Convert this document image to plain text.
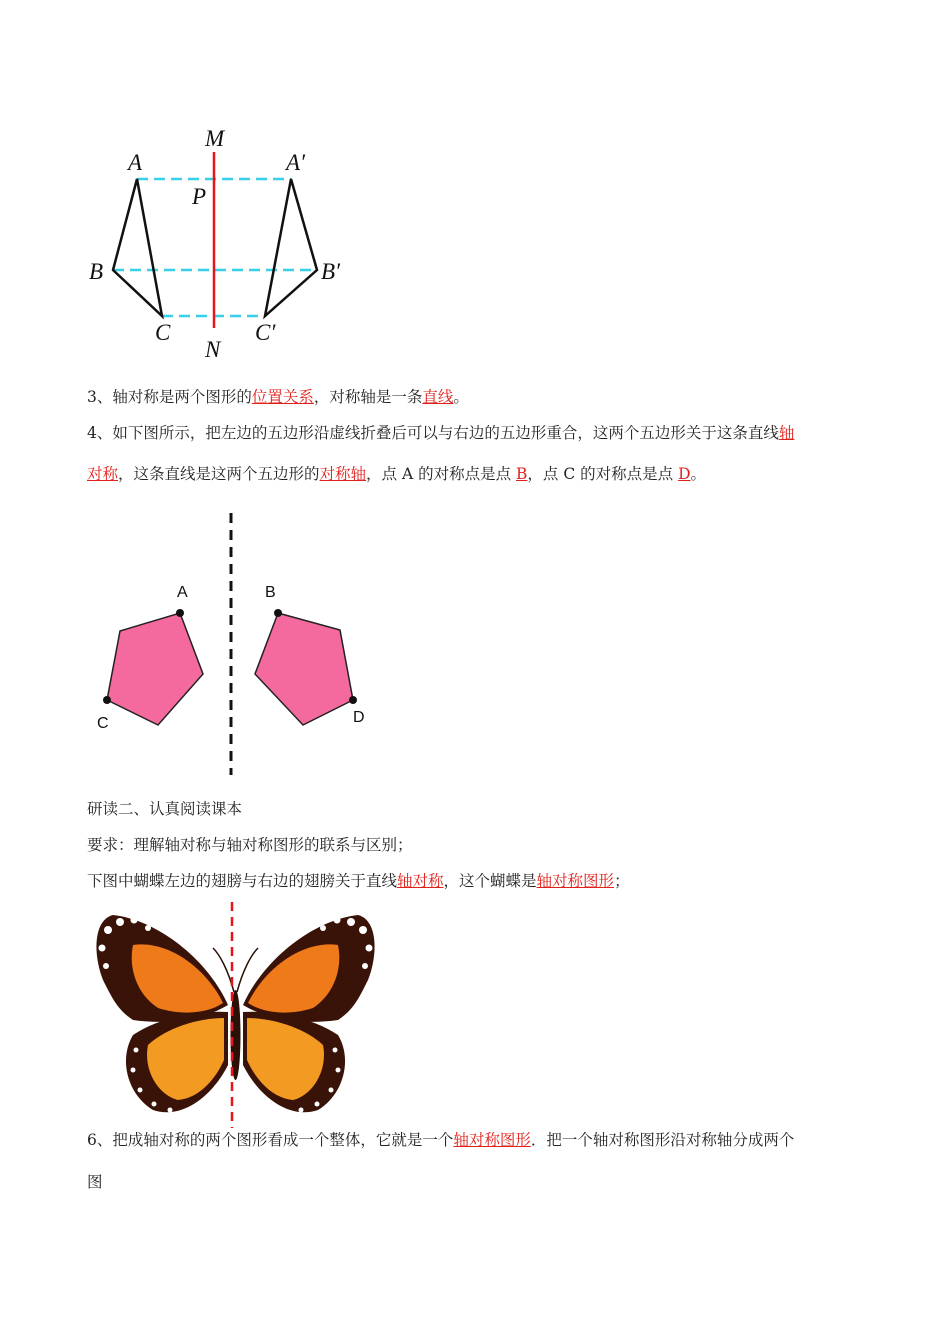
M
A	A′
P
B	B′
C	C′
N
3、轴对称是两个图形的位置关系，对称轴是一条直线。
4、如下图所示，把左边的五边形沿虚线折叠后可以与右边的五边形重合，这两个五边形关于这条直线轴
对称，这条直线是这两个五边形的对称轴，点 A 的对称点是点 B，点 C 的对称点是点 D。
A	B
C	D
研读二、认真阅读课本
要求：理解轴对称与轴对称图形的联系与区别；
下图中蝴蝶左边的翅膀与右边的翅膀关于直线轴对称，这个蝴蝶是轴对称图形；
6、把成轴对称的两个图形看成一个整体，它就是一个轴对称图形．把一个轴对称图形沿对称轴分成两个
图
